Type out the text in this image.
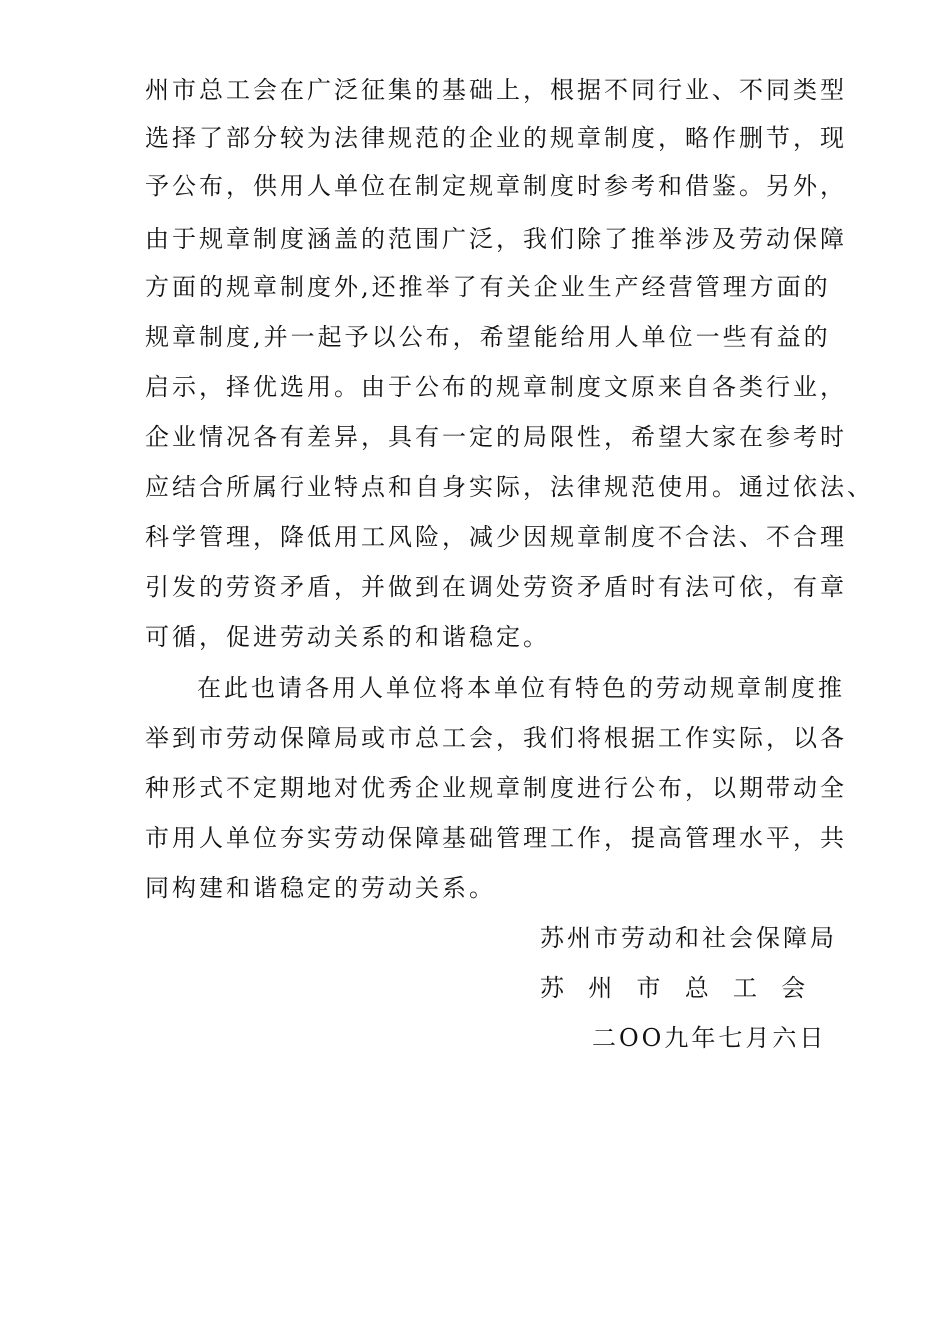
州市总工会在广泛征集的基础上，根据不同行业、不同类型
选择了部分较为法律规范的企业的规章制度，略作删节，现
予公布，供用人单位在制定规章制度时参考和借鉴。另外，
由于规章制度涵盖的范围广泛，我们除了推举涉及劳动保障
方面的规章制度外,还推举了有关企业生产经营管理方面的
规章制度,并一起予以公布，希望能给用人单位一些有益的
启示，择优选用。由于公布的规章制度文原来自各类行业，
企业情况各有差异，具有一定的局限性，希望大家在参考时
应结合所属行业特点和自身实际，法律规范使用。通过依法、
科学管理，降低用工风险，减少因规章制度不合法、不合理
引发的劳资矛盾，并做到在调处劳资矛盾时有法可依，有章
可循，促进劳动关系的和谐稳定。
在此也请各用人单位将本单位有特色的劳动规章制度推
举到市劳动保障局或市总工会，我们将根据工作实际，以各
种形式不定期地对优秀企业规章制度进行公布，以期带动全
市用人单位夯实劳动保障基础管理工作，提高管理水平，共
同构建和谐稳定的劳动关系。
苏州市劳动和社会保障局
苏  州  市  总  工  会
二OO九年七月六日
